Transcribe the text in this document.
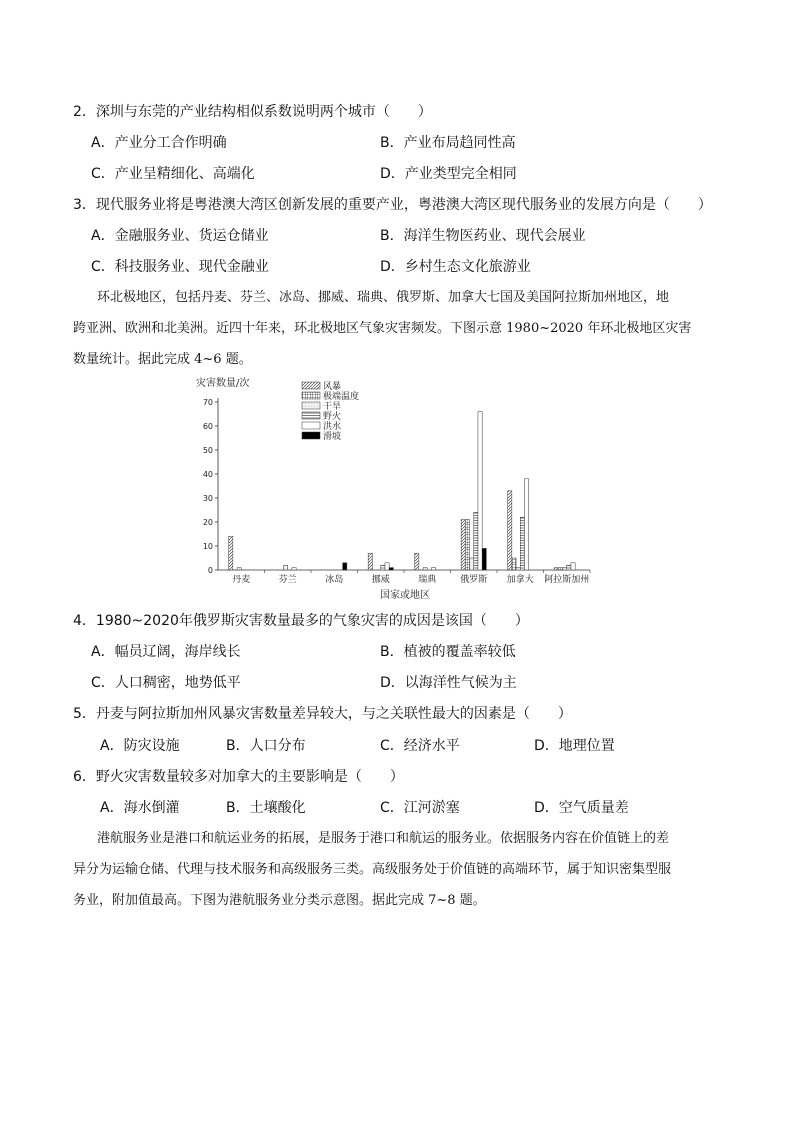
2．深圳与东莞的产业结构相似系数说明两个城市（　　）
A．产业分工合作明确	B．产业布局趋同性高
C．产业呈精细化、高端化	D．产业类型完全相同
3．现代服务业将是粤港澳大湾区创新发展的重要产业，粤港澳大湾区现代服务业的发展方向是（　　）
A．金融服务业、货运仓储业	B．海洋生物医药业、现代会展业
C．科技服务业、现代金融业	D．乡村生态文化旅游业
环北极地区，包括丹麦、芬兰、冰岛、挪威、瑞典、俄罗斯、加拿大七国及美国阿拉斯加州地区，地
跨亚洲、欧洲和北美洲。近四十年来，环北极地区气象灾害频发。下图示意 1980~2020 年环北极地区灾害
数量统计。据此完成 4~6 题。
0
10
20
30
40
50
60
70
丹麦	芬兰	冰岛	挪威	瑞典	俄罗斯 加拿大 阿拉斯加州
风暴
极端温度
干旱
野火
洪水
滑坡
灾害数量/次
国家或地区
4．1980~2020年俄罗斯灾害数量最多的气象灾害的成因是该国（　　）
A．幅员辽阔，海岸线长	B．植被的覆盖率较低
C．人口稠密，地势低平	D．以海洋性气候为主
5．丹麦与阿拉斯加州风暴灾害数量差异较大，与之关联性最大的因素是（　　）
A．防灾设施	B．人口分布	C．经济水平	D．地理位置
6．野火灾害数量较多对加拿大的主要影响是（　　）
A．海水倒灌	B．土壤酸化	C．江河淤塞	D．空气质量差
港航服务业是港口和航运业务的拓展，是服务于港口和航运的服务业。依据服务内容在价值链上的差
异分为运输仓储、代理与技术服务和高级服务三类。高级服务处于价值链的高端环节，属于知识密集型服
务业，附加值最高。下图为港航服务业分类示意图。据此完成 7~8 题。
